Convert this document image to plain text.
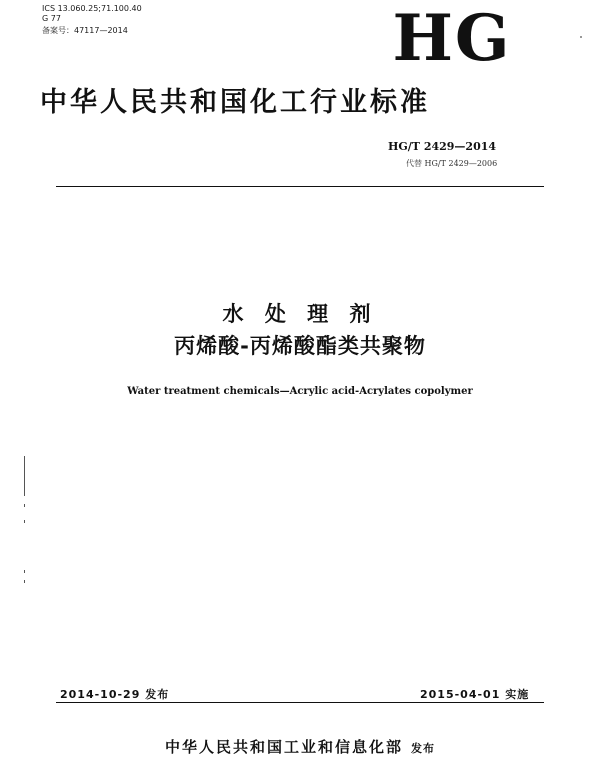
ICS 13.060.25;71.100.40
G 77
备案号：47117—2014	HG
中华人民共和国化工行业标准
HG/T 2429—2014
代替 HG/T 2429—2006
水 处 理 剂
丙烯酸-丙烯酸酯类共聚物
Water treatment chemicals—Acrylic acid-Acrylates copolymer
2014-10-29 发布	2015-04-01 实施
中华人民共和国工业和信息化部 发布
